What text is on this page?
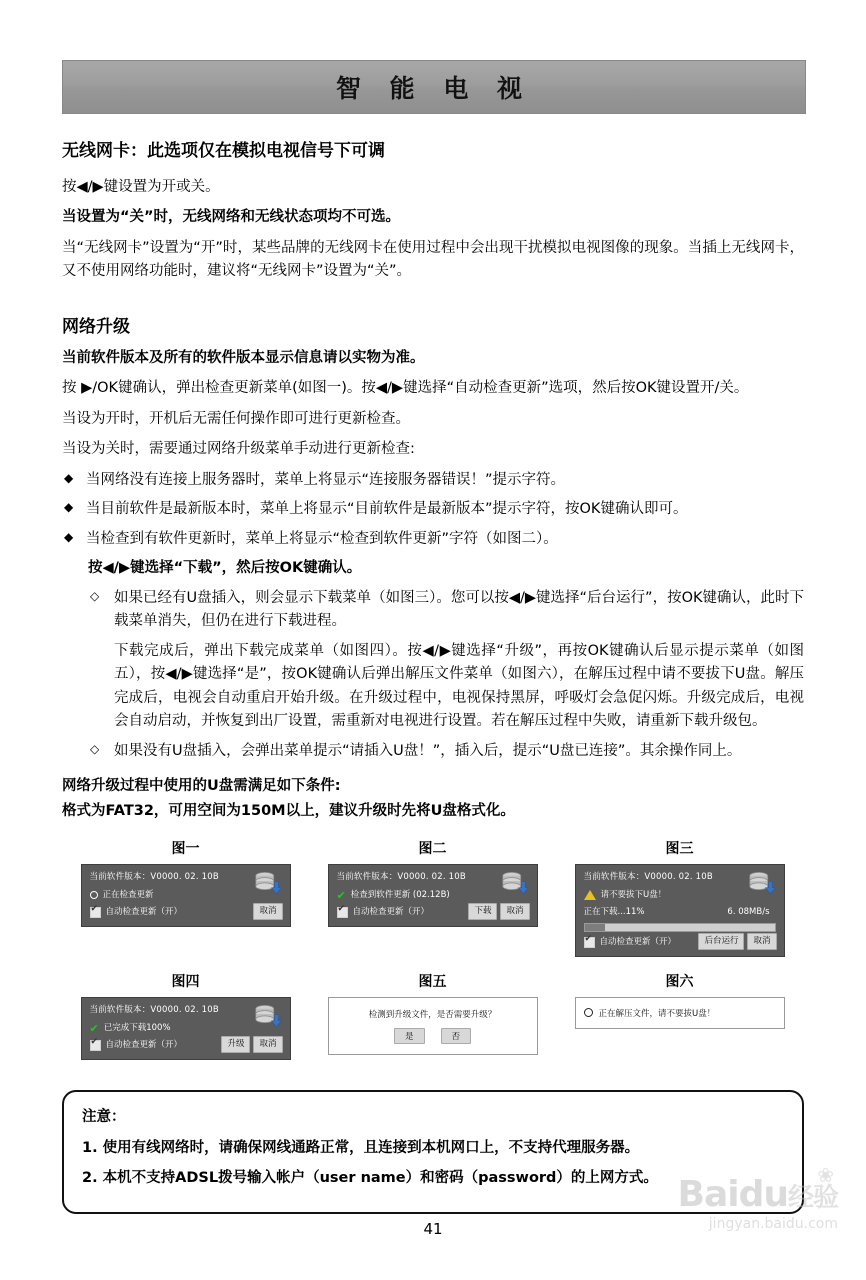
智 能 电 视
无线网卡：此选项仅在模拟电视信号下可调

按◀/▶键设置为开或关。

当设置为“关”时，无线网络和无线状态项均不可选。

当“无线网卡”设置为“开”时，某些品牌的无线网卡在使用过程中会出现干扰模拟电视图像的现象。当插上无线网卡，又不使用网络功能时，建议将“无线网卡”设置为“关”。

网络升级

当前软件版本及所有的软件版本显示信息请以实物为准。

按 ▶/OK键确认，弹出检查更新菜单(如图一)。按◀/▶键选择“自动检查更新”选项，然后按OK键设置开/关。

当设为开时，开机后无需任何操作即可进行更新检查。

当设为关时，需要通过网络升级菜单手动进行更新检查:

◆ 当网络没有连接上服务器时，菜单上将显示“连接服务器错误！”提示字符。
◆ 当目前软件是最新版本时，菜单上将显示“目前软件是最新版本”提示字符，按OK键确认即可。
◆ 当检查到有软件更新时，菜单上将显示“检查到软件更新”字符（如图二）。

按◀/▶键选择“下载”，然后按OK键确认。

◇ 如果已经有U盘插入，则会显示下载菜单（如图三）。您可以按◀/▶键选择“后台运行”，按OK键确认，此时下载菜单消失，但仍在进行下载进程。
下载完成后，弹出下载完成菜单（如图四）。按◀/▶键选择“升级”，再按OK键确认后显示提示菜单（如图五），按◀/▶键选择“是”，按OK键确认后弹出解压文件菜单（如图六），在解压过程中请不要拔下U盘。解压完成后，电视会自动重启开始升级。在升级过程中，电视保持黑屏，呼吸灯会急促闪烁。升级完成后，电视会自动启动，并恢复到出厂设置，需重新对电视进行设置。若在解压过程中失败，请重新下载升级包。
◇ 如果没有U盘插入，会弹出菜单提示“请插入U盘！”，插入后，提示“U盘已连接”。其余操作同上。
网络升级过程中使用的U盘需满足如下条件:
格式为FAT32，可用空间为150M以上，建议升级时先将U盘格式化。
图一
当前软件版本：V0000. 02. 10B
正在检查更新
✔
自动检查更新（开）	取消
图二
当前软件版本：V0000. 02. 10B
✔ 检查到软件更新 (02.12B)
✔
自动检查更新（开）	下载	取消
图三
当前软件版本：V0000. 02. 10B
请不要拔下U盘！
正在下载...11%	6. 08MB/s
✔
自动检查更新（开）	后台运行	取消
图四
当前软件版本：V0000. 02. 10B
✔ 已完成下载100%
✔
自动检查更新（开）	升级	取消
图五
检测到升级文件，是否需要升级？
是	否
图六
正在解压文件，请不要拔U盘！

注意：

1. 使用有线网络时，请确保网线通路正常，且连接到本机网口上，不支持代理服务器。

2. 本机不支持ADSL拨号输入帐户（user name）和密码（password）的上网方式。

41
❀
Baidu经验
jingyan.baidu.com
